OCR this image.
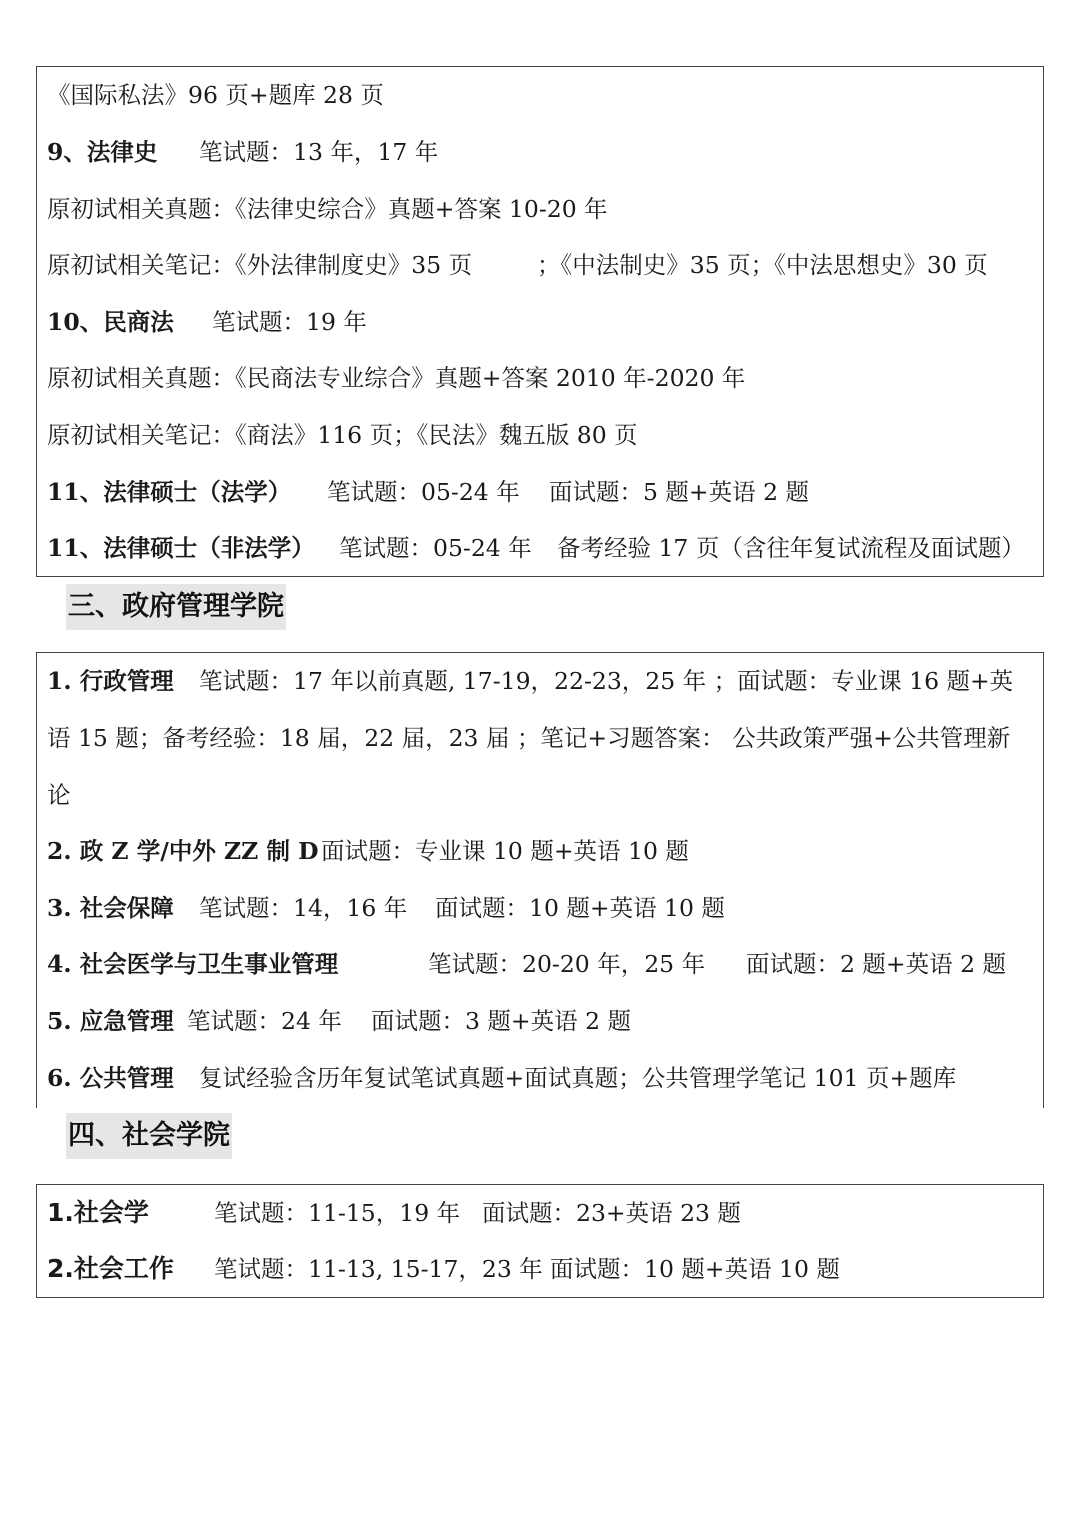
《国际私法》96 页+题库 28 页
9、法律史 笔试题：13 年，17 年
原初试相关真题：《法律史综合》真题+答案 10-20 年
原初试相关笔记：《外法律制度史》35 页	；《中法制史》35 页；《中法思想史》30 页
10、民商法 笔试题：19 年
原初试相关真题：《民商法专业综合》真题+答案 2010 年-2020 年
原初试相关笔记：《商法》116 页；《民法》魏五版 80 页
11、法律硕士（法学） 笔试题：05-24 年 面试题：5 题+英语 2 题
11、法律硕士（非法学） 笔试题：05-24 年 备考经验 17 页（含往年复试流程及面试题）
三、政府管理学院
1. 行政管理 笔试题：17 年以前真题, 17-19，22-23，25 年 ；面试题：专业课 16 题+英
语 15 题；备考经验：18 届，22 届，23 届 ；笔记+习题答案： 公共政策严强+公共管理新
论
2. 政 Z 学/中外 ZZ 制 D 面试题：专业课 10 题+英语 10 题
3. 社会保障 笔试题：14，16 年 面试题：10 题+英语 10 题
4. 社会医学与卫生事业管理	笔试题：20-20 年，25 年 面试题：2 题+英语 2 题
5. 应急管理 笔试题：24 年 面试题：3 题+英语 2 题
6. 公共管理 复试经验含历年复试笔试真题+面试真题；公共管理学笔记 101 页+题库
四、社会学院
1.社会学	笔试题：11-15，19 年 面试题：23+英语 23 题
2.社会工作 笔试题：11-13, 15-17，23 年 面试题：10 题+英语 10 题
